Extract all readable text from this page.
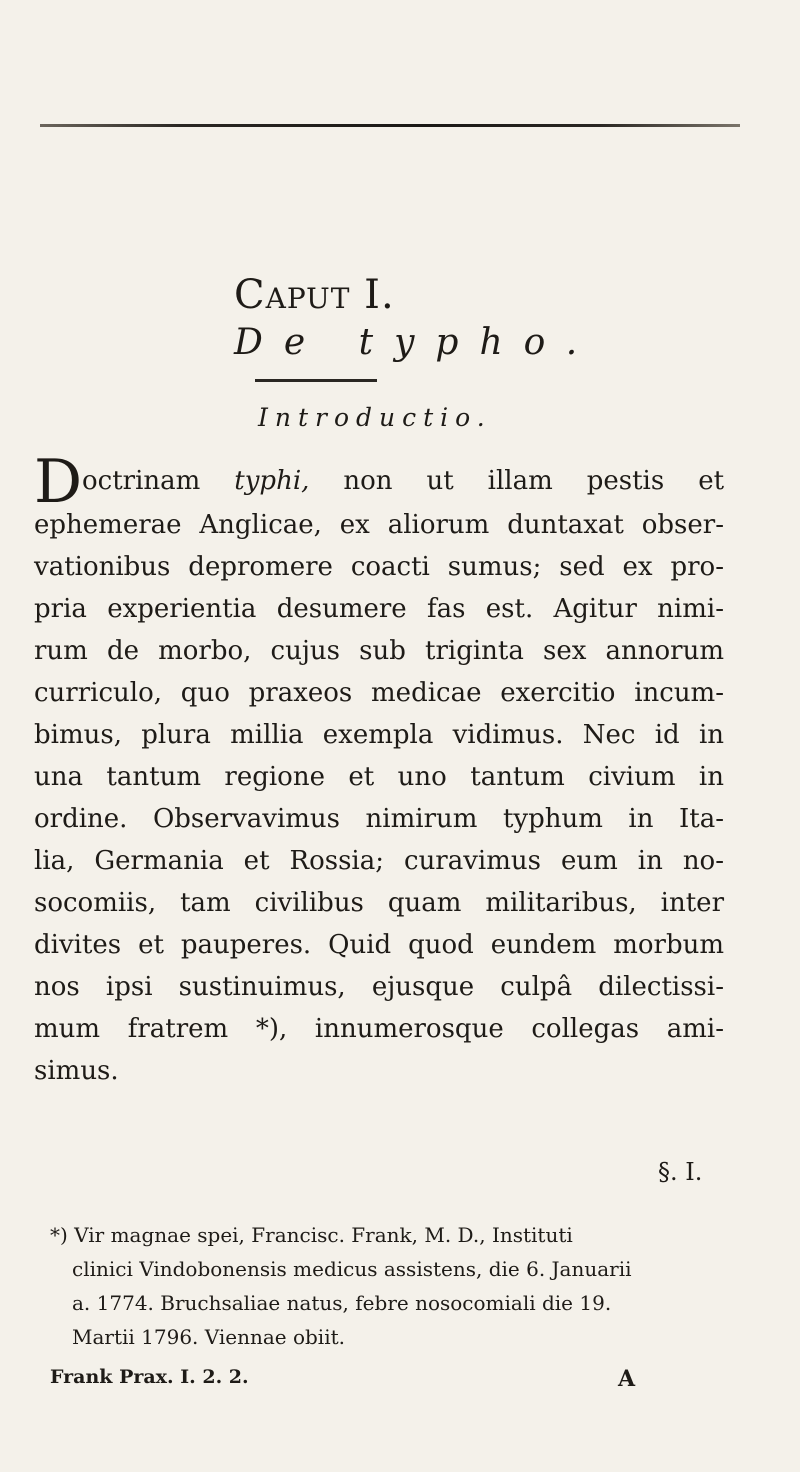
Caput I.
De typho.
Introductio.
D octrinam typhi, non ut illam pestis et
ephemerae Anglicae, ex aliorum duntaxat obser-
vationibus depromere coacti sumus; sed ex pro-
pria experientia desumere fas est. Agitur nimi-
rum de morbo, cujus sub triginta sex annorum
curriculo, quo praxeos medicae exercitio incum-
bimus, plura millia exempla vidimus. Nec id in
una tantum regione et uno tantum civium in
ordine. Observavimus nimirum typhum in Ita-
lia, Germania et Rossia; curavimus eum in no-
socomiis, tam civilibus quam militaribus, inter
divites et pauperes. Quid quod eundem morbum
nos ipsi sustinuimus, ejusque culpâ dilectissi-
mum fratrem *), innumerosque collegas ami-
simus.
§. I.
*) Vir magnae spei, Francisc. Frank, M. D., Instituti
clinici Vindobonensis medicus assistens, die 6. Januarii
a. 1774. Bruchsaliae natus, febre nosocomiali die 19.
Martii 1796. Viennae obiit.
Frank Prax. I. 2. 2.	A
